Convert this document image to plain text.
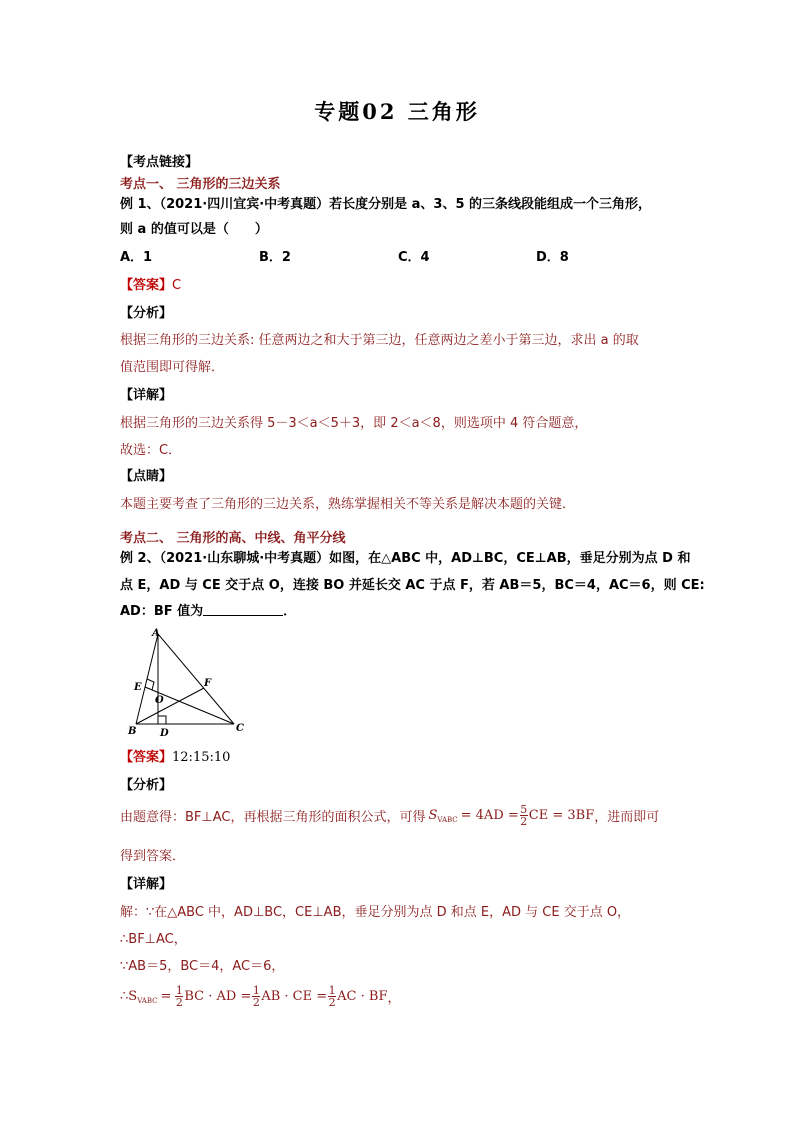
专题02 三角形
【考点链接】
考点一、 三角形的三边关系
例 1、（2021·四川宜宾·中考真题）若长度分别是 a、3、5 的三条线段能组成一个三角形，
则 a 的值可以是（　　）
A．1	B．2	C．4	D．8
【答案】C
【分析】
根据三角形的三边关系: 任意两边之和大于第三边，任意两边之差小于第三边，求出 a 的取
值范围即可得解．
【详解】
根据三角形的三边关系得 5－3＜a＜5＋3，即 2＜a＜8，则选项中 4 符合题意，
故选：C．
【点睛】
本题主要考查了三角形的三边关系，熟练掌握相关不等关系是解决本题的关键．
考点二、 三角形的高、中线、角平分线
例 2、（2021·山东聊城·中考真题）如图，在△ABC 中，AD⊥BC，CE⊥AB，垂足分别为点 D 和
点 E，AD 与 CE 交于点 O，连接 BO 并延长交 AC 于点 F，若 AB＝5，BC＝4，AC＝6，则 CE:
AD：BF 值为	．
A
B	C
D
E	F
O
【答案】12:15:10
【分析】
由题意得：BF⊥AC，再根据三角形的面积公式，可得 $S_{VABC} = 4AD = \frac{5}{2}$ CE = 3BF ，进而即可
得到答案．
【详解】
解：∵在△ABC 中，AD⊥BC，CE⊥AB，垂足分别为点 D 和点 E，AD 与 CE 交于点 O，
∴BF⊥AC，
∵AB＝5，BC＝4，AC＝6，
$\therefore S_{VABC} = \frac{1}{2}$ BC · AD = $\frac{1}{2}$ AB · CE = $\frac{1}{2}$ AC · BF ，
